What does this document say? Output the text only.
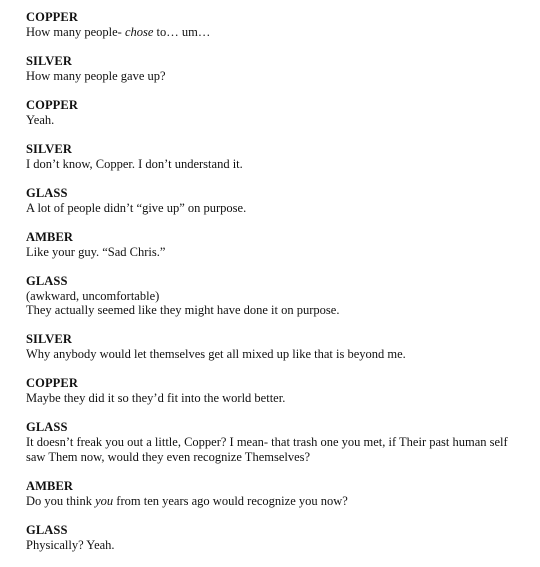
COPPER
How many people- chose to… um…
SILVER
How many people gave up?
COPPER
Yeah.
SILVER
I don’t know, Copper. I don’t understand it.
GLASS
A lot of people didn’t “give up” on purpose.
AMBER
Like your guy. “Sad Chris.”
GLASS
(awkward, uncomfortable)
They actually seemed like they might have done it on purpose.
SILVER
Why anybody would let themselves get all mixed up like that is beyond me.
COPPER
Maybe they did it so they’d fit into the world better.
GLASS
It doesn’t freak you out a little, Copper? I mean- that trash one you met, if Their past human self
saw Them now, would they even recognize Themselves?
AMBER
Do you think you from ten years ago would recognize you now?
GLASS
Physically? Yeah.
